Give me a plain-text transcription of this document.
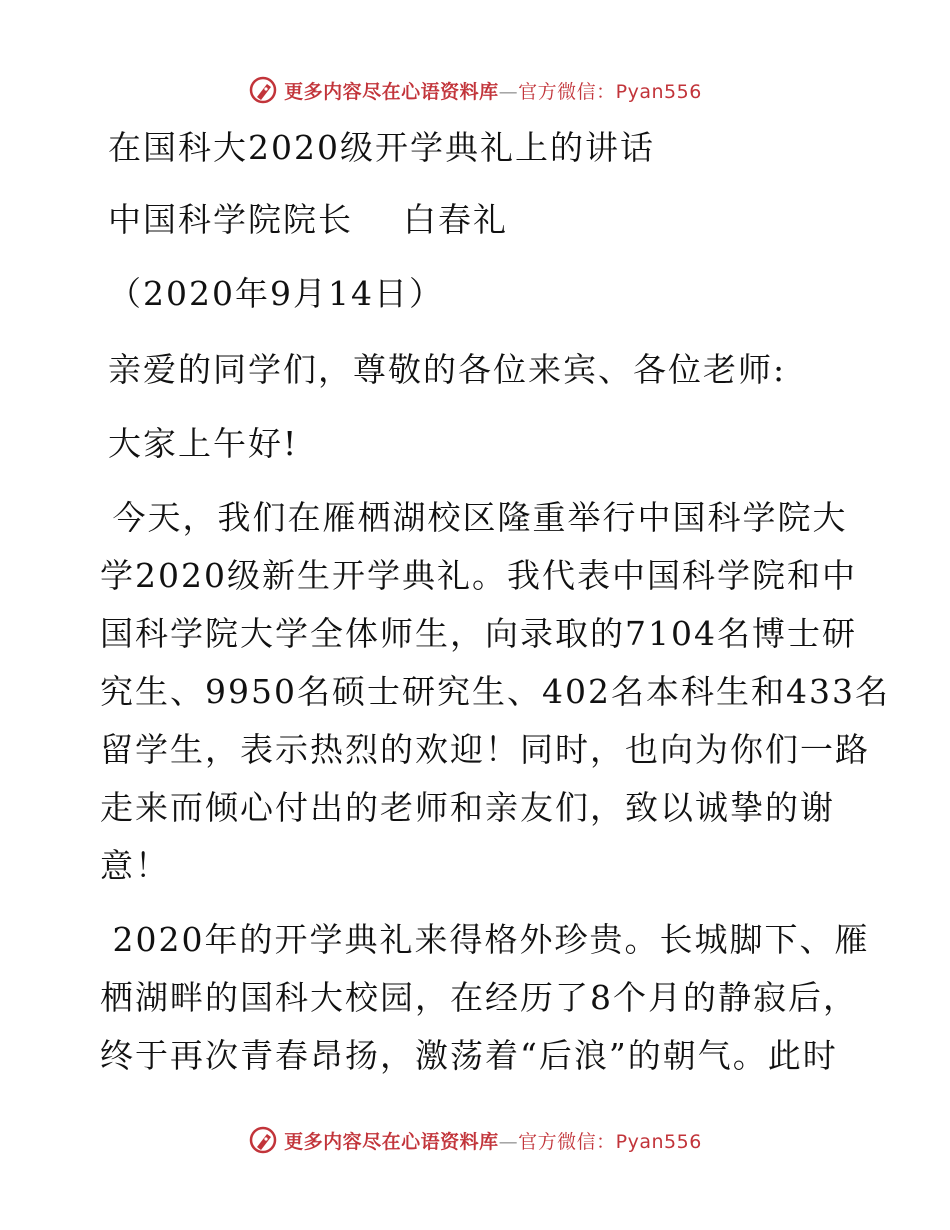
更多内容尽在心语资料库—官方微信：Pyan556
在国科大2020级开学典礼上的讲话
中国科学院院长    白春礼
（2020年9月14日）
亲爱的同学们，尊敬的各位来宾、各位老师:
大家上午好!
今天，我们在雁栖湖校区隆重举行中国科学院大
学2020级新生开学典礼。我代表中国科学院和中
国科学院大学全体师生，向录取的7104名博士研
究生、9950名硕士研究生、402名本科生和433名
留学生，表示热烈的欢迎！同时，也向为你们一路
走来而倾心付出的老师和亲友们，致以诚挚的谢
意！
2020年的开学典礼来得格外珍贵。长城脚下、雁
栖湖畔的国科大校园，在经历了8个月的静寂后，
终于再次青春昂扬，激荡着“后浪”的朝气。此时
更多内容尽在心语资料库—官方微信：Pyan556
